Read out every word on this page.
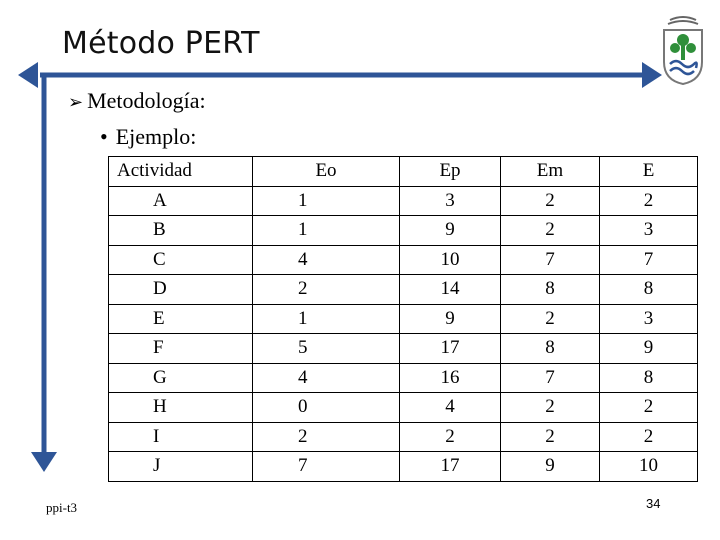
Método PERT
➢ Metodología:
• Ejemplo:
Actividad	Eo	Ep	Em	E
A	1	3	2	2
B	1	9	2	3
C	4	10	7	7
D	2	14	8	8
E	1	9	2	3
F	5	17	8	9
G	4	16	7	8
H	0	4	2	2
I	2	2	2	2
J	7	17	9	10
ppi-t3	34
